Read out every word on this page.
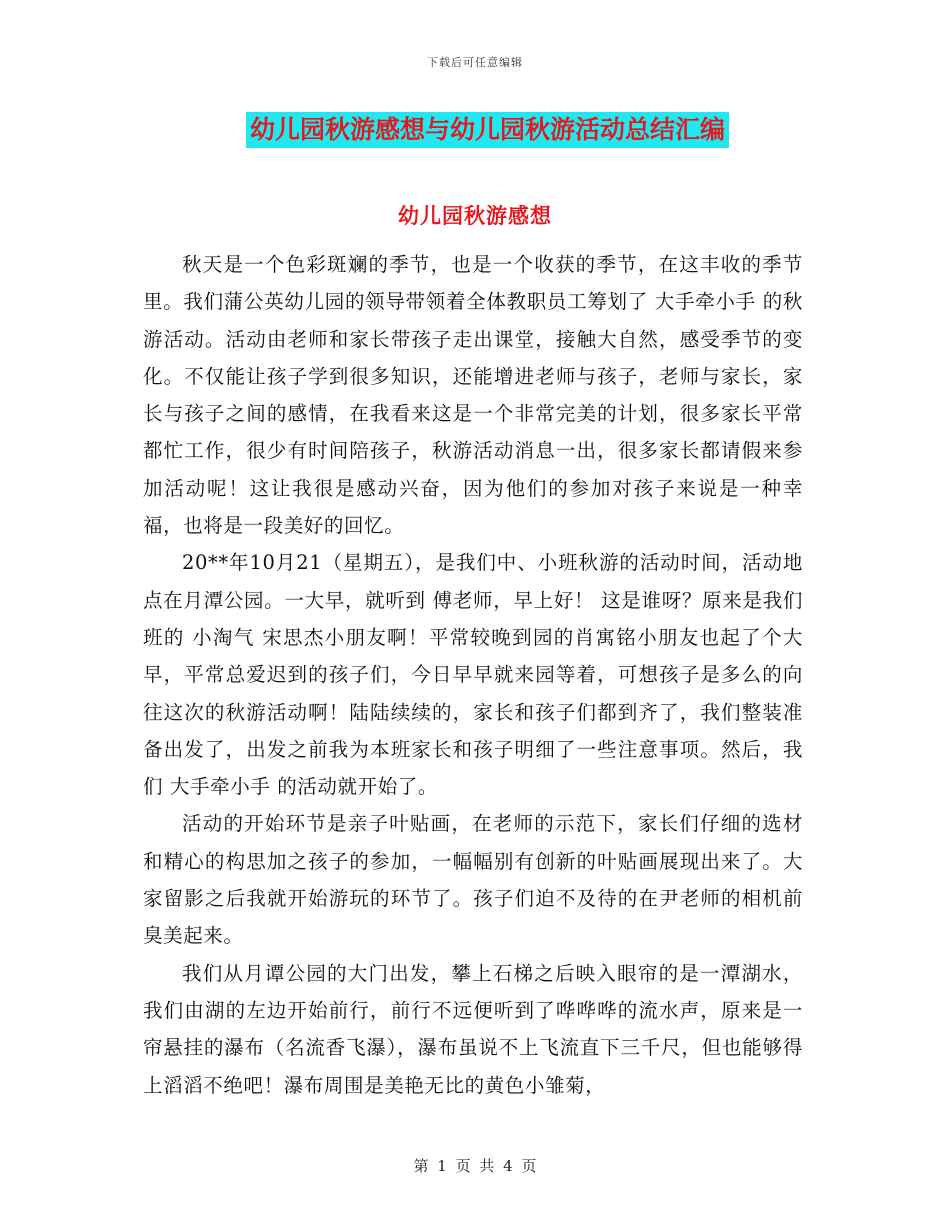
下载后可任意编辑
幼儿园秋游感想与幼儿园秋游活动总结汇编
幼儿园秋游感想

秋天是一个色彩斑斓的季节，也是一个收获的季节，在这丰收的季节里。我们蒲公英幼儿园的领导带领着全体教职员工筹划了 大手牵小手 的秋游活动。活动由老师和家长带孩子走出课堂，接触大自然，感受季节的变化。不仅能让孩子学到很多知识，还能增进老师与孩子，老师与家长，家长与孩子之间的感情，在我看来这是一个非常完美的计划，很多家长平常都忙工作，很少有时间陪孩子，秋游活动消息一出，很多家长都请假来参加活动呢！这让我很是感动兴奋，因为他们的参加对孩子来说是一种幸福，也将是一段美好的回忆。

20**年10月21（星期五），是我们中、小班秋游的活动时间，活动地点在月潭公园。一大早，就听到 傅老师，早上好！ 这是谁呀？原来是我们班的 小淘气 宋思杰小朋友啊！平常较晚到园的肖寓铭小朋友也起了个大早，平常总爱迟到的孩子们，今日早早就来园等着，可想孩子是多么的向往这次的秋游活动啊！陆陆续续的，家长和孩子们都到齐了，我们整装准备出发了，出发之前我为本班家长和孩子明细了一些注意事项。然后，我们 大手牵小手 的活动就开始了。

活动的开始环节是亲子叶贴画，在老师的示范下，家长们仔细的选材和精心的构思加之孩子的参加，一幅幅别有创新的叶贴画展现出来了。大家留影之后我就开始游玩的环节了。孩子们迫不及待的在尹老师的相机前臭美起来。

我们从月谭公园的大门出发，攀上石梯之后映入眼帘的是一潭湖水，我们由湖的左边开始前行，前行不远便听到了哗哗哗的流水声，原来是一帘悬挂的瀑布（名流香飞瀑），瀑布虽说不上飞流直下三千尺，但也能够得上滔滔不绝吧！瀑布周围是美艳无比的黄色小雏菊，

第 1 页 共 4 页
